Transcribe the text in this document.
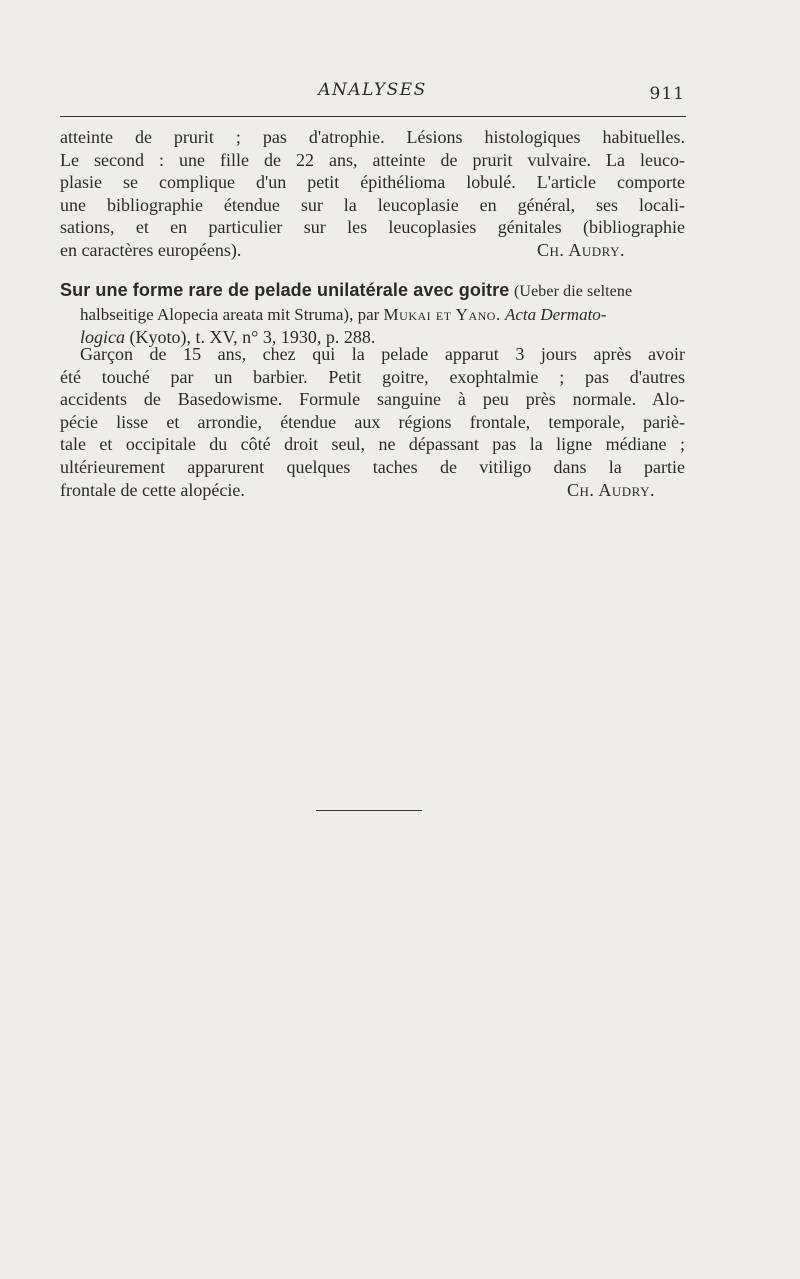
ANALYSES	911
atteinte de prurit ; pas d'atrophie. Lésions histologiques habituelles.
Le second : une fille de 22 ans, atteinte de prurit vulvaire. La leuco-
plasie se complique d'un petit épithélioma lobulé. L'article comporte
une bibliographie étendue sur la leucoplasie en général, ses locali-
sations, et en particulier sur les leucoplasies génitales (bibliographie
en caractères européens).	Ch. Audry.
Sur une forme rare de pelade unilatérale avec goitre (Ueber die seltene
halbseitige Alopecia areata mit Struma), par Mukai et Yano. Acta Dermato-
logica (Kyoto), t. XV, n° 3, 1930, p. 288.
Garçon de 15 ans, chez qui la pelade apparut 3 jours après avoir
été touché par un barbier. Petit goitre, exophtalmie ; pas d'autres
accidents de Basedowisme. Formule sanguine à peu près normale. Alo-
pécie lisse et arrondie, étendue aux régions frontale, temporale, pariè-
tale et occipitale du côté droit seul, ne dépassant pas la ligne médiane ;
ultérieurement apparurent quelques taches de vitiligo dans la partie
frontale de cette alopécie.	Ch. Audry.
